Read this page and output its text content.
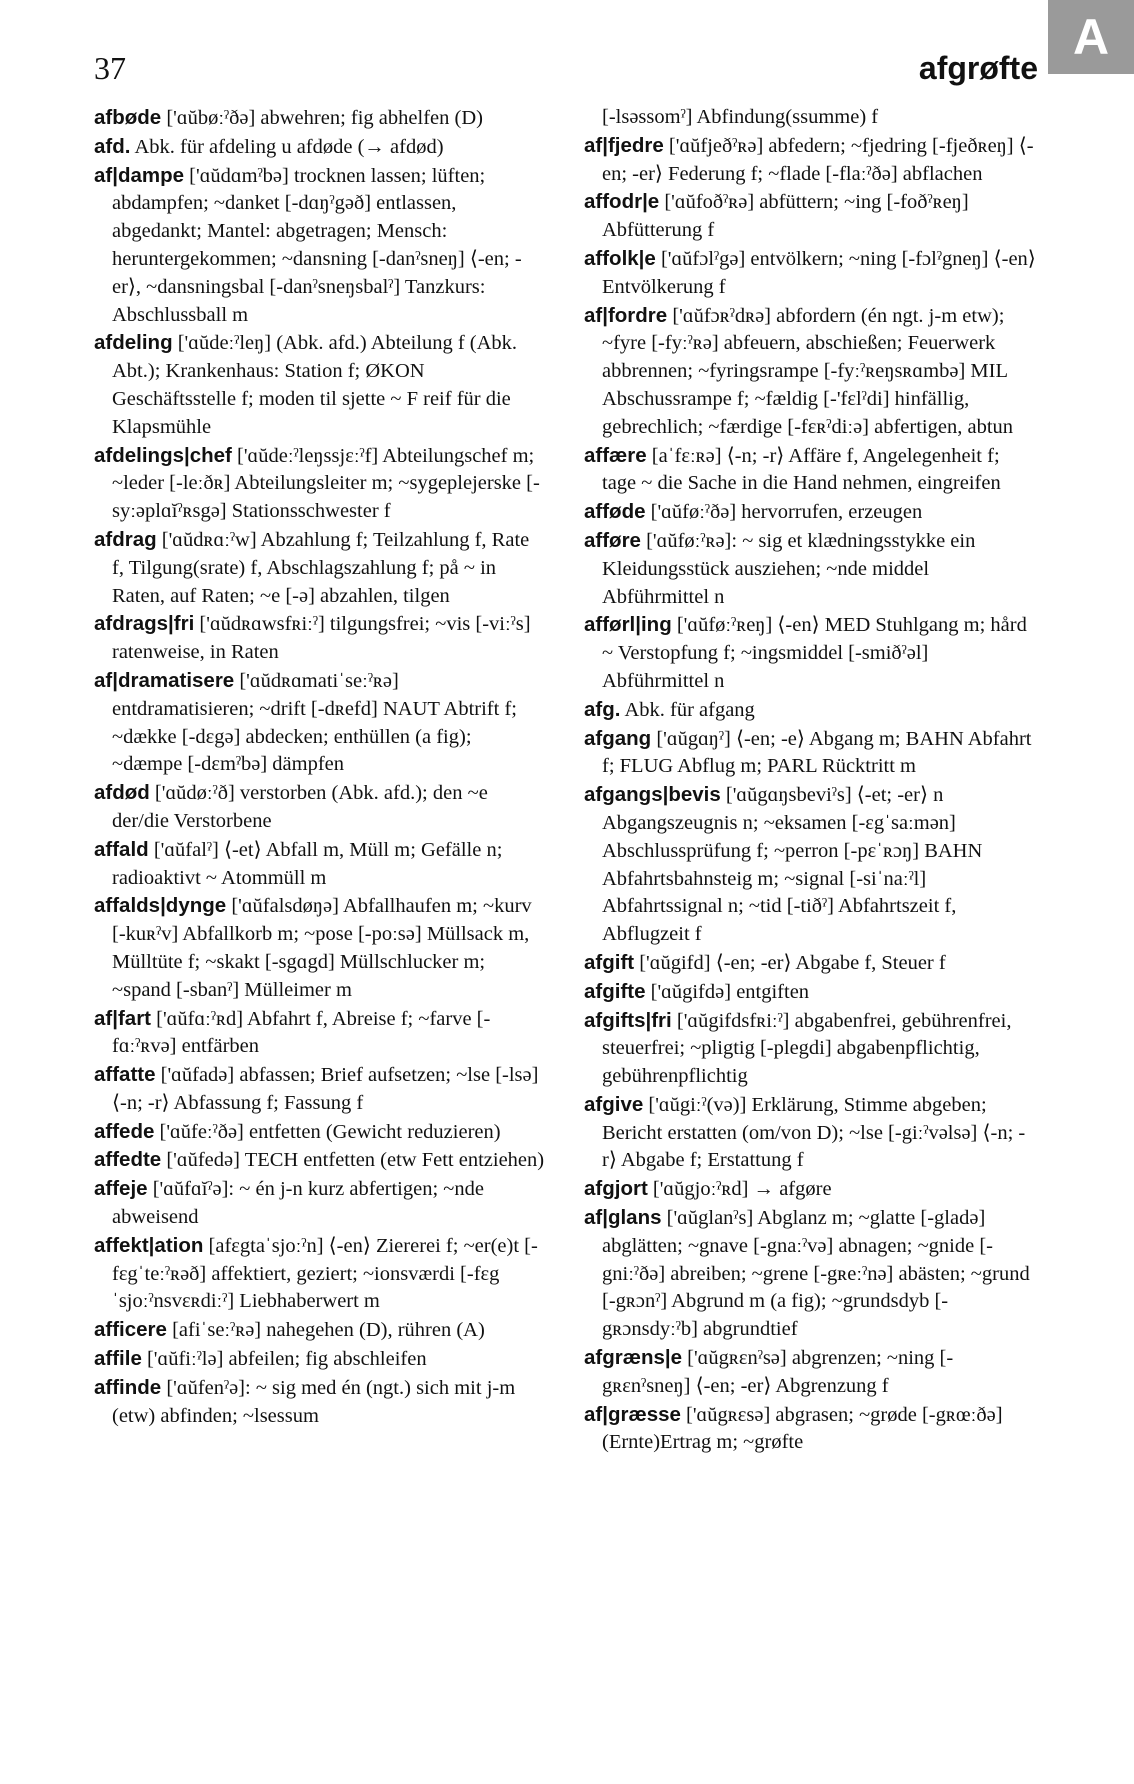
A
37	afgrøfte

afbøde ['ɑŭbøːˀðə] abwehren; fig abhelfen (D)

afd. Abk. für afdeling u afdøde (→ afdød)

af|dampe ['ɑŭdɑmˀbə] trocknen lassen; lüften; abdampfen; ~danket [-dɑŋˀgəð] entlassen, abgedankt; Mantel: abgetragen; Mensch: heruntergekommen; ~dansning [-danˀsneŋ] ⟨-en; -er⟩, ~dansningsbal [-danˀsneŋsbalˀ] Tanzkurs: Abschlussball m

afdeling ['ɑŭdeːˀleŋ] (Abk. afd.) Abteilung f (Abk. Abt.); Krankenhaus: Station f; ØKON Geschäftsstelle f; moden til sjette ~ F reif für die Klapsmühle

afdelings|chef ['ɑŭdeːˀleŋssjɛːˀf] Abteilungschef m; ~leder [-leːðʀ] Abteilungsleiter m; ~sygeplejerske [-syːəplɑĭˀʀsgə] Stationsschwester f

afdrag ['ɑŭdʀɑːˀw] Abzahlung f; Teilzahlung f, Rate f, Tilgung(srate) f, Abschlagszahlung f; på ~ in Raten, auf Raten; ~e [-ə] abzahlen, tilgen

afdrags|fri ['ɑŭdʀɑwsfʀiːˀ] tilgungsfrei; ~vis [-viːˀs] ratenweise, in Raten

af|dramatisere ['ɑŭdʀɑmatiˈseːˀʀə] entdramatisieren; ~drift [-dʀefd] NAUT Abtrift f; ~dække [-dɛgə] abdecken; enthüllen (a fig); ~dæmpe [-dɛmˀbə] dämpfen

afdød ['ɑŭdøːˀð] verstorben (Abk. afd.); den ~e der/die Verstorbene

affald ['ɑŭfalˀ] ⟨-et⟩ Abfall m, Müll m; Gefälle n; radioaktivt ~ Atommüll m

affalds|dynge ['ɑŭfalsdøŋə] Abfallhaufen m; ~kurv [-kuʀˀv] Abfallkorb m; ~pose [-poːsə] Müllsack m, Mülltüte f; ~skakt [-sgɑgd] Müllschlucker m; ~spand [-sbanˀ] Mülleimer m

af|fart ['ɑŭfɑːˀʀd] Abfahrt f, Abreise f; ~farve [-fɑːˀʀvə] entfärben

affatte ['ɑŭfadə] abfassen; Brief aufsetzen; ~lse [-lsə] ⟨-n; -r⟩ Abfassung f; Fassung f

affede ['ɑŭfeːˀðə] entfetten (Gewicht reduzieren)

affedte ['ɑŭfedə] TECH entfetten (etw Fett entziehen)

affeje ['ɑŭfɑĭˀə]: ~ én j-n kurz abfertigen; ~nde abweisend

affekt|ation [afɛgtaˈsjoːˀn] ⟨-en⟩ Ziererei f; ~er(e)t [-fɛgˈteːˀʀəð] affektiert, geziert; ~ionsværdi [-fɛgˈsjoːˀnsvɛʀdiːˀ] Liebhaberwert m

afficere [afiˈseːˀʀə] nahegehen (D), rühren (A)

affile ['ɑŭfiːˀlə] abfeilen; fig abschleifen

affinde ['ɑŭfenˀə]: ~ sig med én (ngt.) sich mit j-m (etw) abfinden; ~lsessum

[-lsəssomˀ] Abfindung(ssumme) f

af|fjedre ['ɑŭfjeðˀʀə] abfedern; ~fjedring [-fjeðʀeŋ] ⟨-en; -er⟩ Federung f; ~flade [-flaːˀðə] abflachen

affodr|e ['ɑŭfoðˀʀə] abfüttern; ~ing [-foðˀʀeŋ] Abfütterung f

affolk|e ['ɑŭfɔlˀgə] entvölkern; ~ning [-fɔlˀgneŋ] ⟨-en⟩ Entvölkerung f

af|fordre ['ɑŭfɔʀˀdʀə] abfordern (én ngt. j-m etw); ~fyre [-fyːˀʀə] abfeuern, abschießen; Feuerwerk abbrennen; ~fyringsrampe [-fyːˀʀeŋsʀɑmbə] MIL Abschussrampe f; ~fældig [-'fɛlˀdi] hinfällig, gebrechlich; ~færdige [-fɛʀˀdiːə] abfertigen, abtun

affære [aˈfɛːʀə] ⟨-n; -r⟩ Affäre f, Angelegenheit f; tage ~ die Sache in die Hand nehmen, eingreifen

afføde ['ɑŭføːˀðə] hervorrufen, erzeugen

afføre ['ɑŭføːˀʀə]: ~ sig et klædningsstykke ein Kleidungsstück ausziehen; ~nde middel Abführmittel n

afførl|ing ['ɑŭføːˀʀeŋ] ⟨-en⟩ MED Stuhlgang m; hård ~ Verstopfung f; ~ingsmiddel [-smiðˀəl] Abführmittel n

afg. Abk. für afgang

afgang ['ɑŭgɑŋˀ] ⟨-en; -e⟩ Abgang m; BAHN Abfahrt f; FLUG Abflug m; PARL Rücktritt m

afgangs|bevis ['ɑŭgɑŋsbeviˀs] ⟨-et; -er⟩ n Abgangszeugnis n; ~eksamen [-ɛgˈsaːmən] Abschlussprüfung f; ~perron [-pɛˈʀɔŋ] BAHN Abfahrtsbahnsteig m; ~signal [-siˈnaːˀl] Abfahrtssignal n; ~tid [-tiðˀ] Abfahrtszeit f, Abflugzeit f

afgift ['ɑŭgifd] ⟨-en; -er⟩ Abgabe f, Steuer f

afgifte ['ɑŭgifdə] entgiften

afgifts|fri ['ɑŭgifdsfʀiːˀ] abgabenfrei, gebührenfrei, steuerfrei; ~pligtig [-plegdi] abgabenpflichtig, gebührenpflichtig

afgive ['ɑŭgiːˀ(və)] Erklärung, Stimme abgeben; Bericht erstatten (om/von D); ~lse [-giːˀvəlsə] ⟨-n; -r⟩ Abgabe f; Erstattung f

afgjort ['ɑŭgjoːˀʀd] → afgøre

af|glans ['ɑŭglanˀs] Abglanz m; ~glatte [-gladə] abglätten; ~gnave [-gnaːˀvə] abnagen; ~gnide [-gniːˀðə] abreiben; ~grene [-gʀeːˀnə] abästen; ~grund [-gʀɔnˀ] Abgrund m (a fig); ~grundsdyb [-gʀɔnsdyːˀb] abgrundtief

afgræns|e ['ɑŭgʀɛnˀsə] abgrenzen; ~ning [-gʀɛnˀsneŋ] ⟨-en; -er⟩ Abgrenzung f

af|græsse ['ɑŭgʀɛsə] abgrasen; ~grøde [-gʀœːðə] (Ernte)Ertrag m; ~grøfte
